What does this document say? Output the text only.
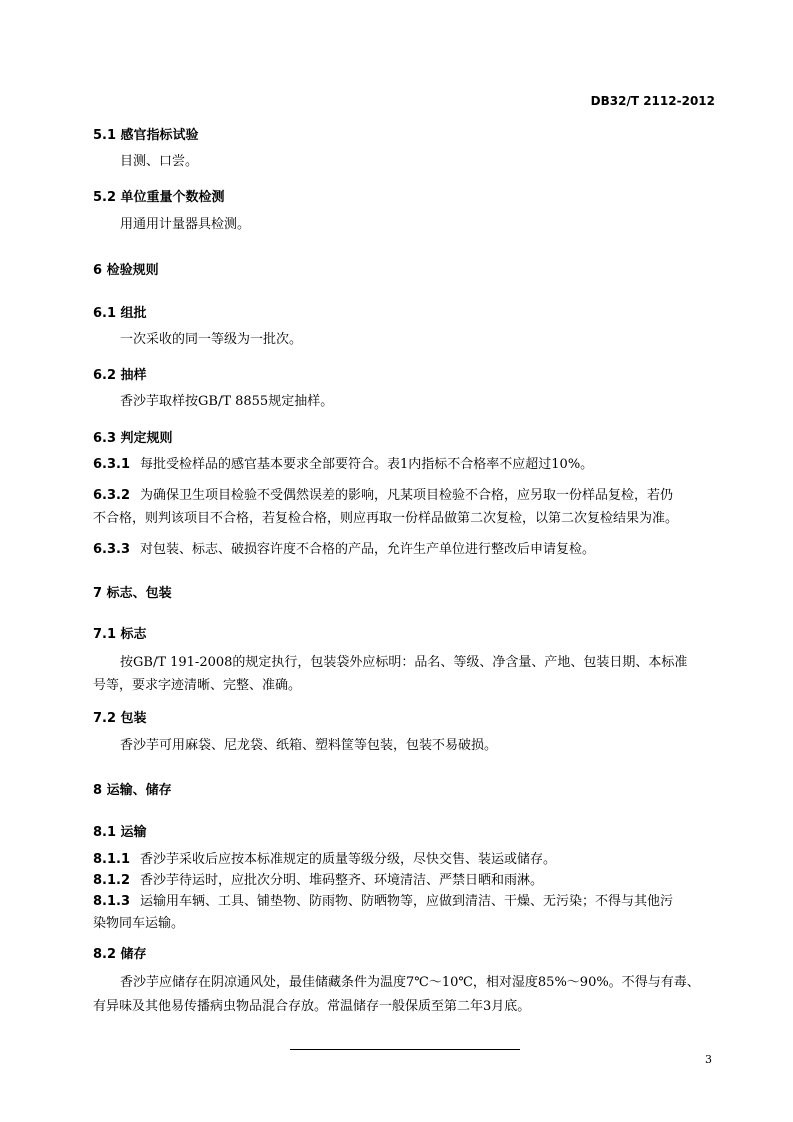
DB32/T 2112-2012
5.1 感官指标试验
目测、口尝。
5.2 单位重量个数检测
用通用计量器具检测。
6 检验规则
6.1 组批
一次采收的同一等级为一批次。
6.2 抽样
香沙芋取样按GB/T 8855规定抽样。
6.3 判定规则
6.3.1 每批受检样品的感官基本要求全部要符合。表1内指标不合格率不应超过10%。
6.3.2 为确保卫生项目检验不受偶然误差的影响，凡某项目检验不合格，应另取一份样品复检，若仍
不合格，则判该项目不合格，若复检合格，则应再取一份样品做第二次复检，以第二次复检结果为准。
6.3.3 对包装、标志、破损容许度不合格的产品，允许生产单位进行整改后申请复检。
7 标志、包装
7.1 标志
按GB/T 191-2008的规定执行，包装袋外应标明：品名、等级、净含量、产地、包装日期、本标准
号等，要求字迹清晰、完整、准确。
7.2 包装
香沙芋可用麻袋、尼龙袋、纸箱、塑料筐等包装，包装不易破损。
8 运输、储存
8.1 运输
8.1.1 香沙芋采收后应按本标准规定的质量等级分级，尽快交售、装运或储存。
8.1.2 香沙芋待运时，应批次分明、堆码整齐、环境清洁、严禁日晒和雨淋。
8.1.3 运输用车辆、工具、铺垫物、防雨物、防晒物等，应做到清洁、干燥、无污染；不得与其他污
染物同车运输。
8.2 储存
香沙芋应储存在阴凉通风处，最佳储藏条件为温度7℃～10℃，相对湿度85%～90%。不得与有毒、
有异味及其他易传播病虫物品混合存放。常温储存一般保质至第二年3月底。
3
